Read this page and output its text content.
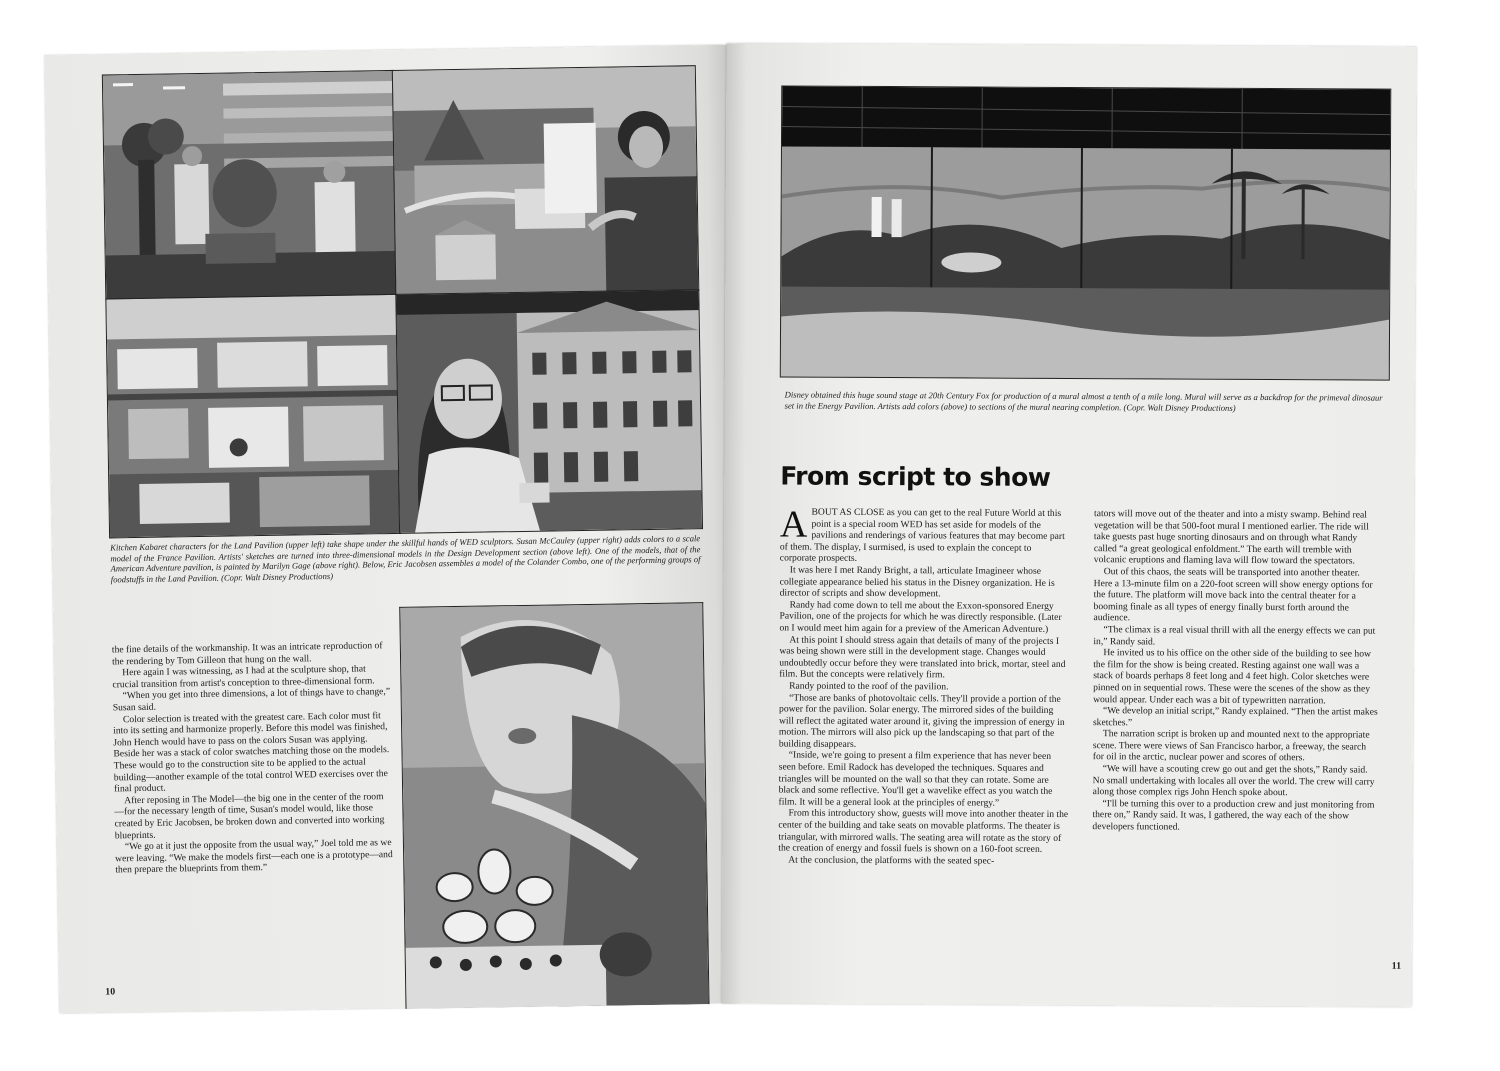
Kitchen Kabaret characters for the Land Pavilion (upper left) take shape under the skillful hands of WED sculptors. Susan McCauley (upper right) adds colors to a scale model of the France Pavilion. Artists' sketches are turned into three-dimensional models in the Design Development section (above left). One of the models, that of the American Adventure pavilion, is painted by Marilyn Gage (above right). Below, Eric Jacobsen assembles a model of the Colander Combo, one of the performing groups of foodstuffs in the Land Pavilion. (Copr. Walt Disney Productions)

the fine details of the workmanship. It was an intricate reproduction of the rendering by Tom Gilleon that hung on the wall.

Here again I was witnessing, as I had at the sculpture shop, that crucial transition from artist's conception to three-dimensional form.

“When you get into three dimensions, a lot of things have to change,” Susan said.

Color selection is treated with the greatest care. Each color must fit into its setting and harmonize properly. Before this model was finished, John Hench would have to pass on the colors Susan was applying. Beside her was a stack of color swatches matching those on the models. These would go to the construction site to be applied to the actual building—another example of the total control WED exercises over the final product.

After reposing in The Model—the big one in the center of the room—for the necessary length of time, Susan's model would, like those created by Eric Jacobsen, be broken down and converted into working blueprints.

“We go at it just the opposite from the usual way,” Joel told me as we were leaving. “We make the models first—each one is a prototype—and then prepare the blueprints from them.”

10
Disney obtained this huge sound stage at 20th Century Fox for production of a mural almost a tenth of a mile long. Mural will serve as a backdrop for the primeval dinosaur set in the Energy Pavilion. Artists add colors (above) to sections of the mural nearing completion. (Copr. Walt Disney Productions)
From script to show

ABOUT AS CLOSE as you can get to the real Future World at this point is a special room WED has set aside for models of the pavilions and renderings of various features that may become part of them. The display, I surmised, is used to explain the concept to corporate prospects.

It was here I met Randy Bright, a tall, articulate Imagineer whose collegiate appearance belied his status in the Disney organization. He is director of scripts and show development.

Randy had come down to tell me about the Exxon-sponsored Energy Pavilion, one of the projects for which he was directly responsible. (Later on I would meet him again for a preview of the American Adventure.)

At this point I should stress again that details of many of the projects I was being shown were still in the development stage. Changes would undoubtedly occur before they were translated into brick, mortar, steel and film. But the concepts were relatively firm.

Randy pointed to the roof of the pavilion.

“Those are banks of photovoltaic cells. They'll provide a portion of the power for the pavilion. Solar energy. The mirrored sides of the building will reflect the agitated water around it, giving the impression of energy in motion. The mirrors will also pick up the landscaping so that part of the building disappears.

“Inside, we're going to present a film experience that has never been seen before. Emil Radock has developed the techniques. Squares and triangles will be mounted on the wall so that they can rotate. Some are black and some reflective. You'll get a wavelike effect as you watch the film. It will be a general look at the principles of energy.”

From this introductory show, guests will move into another theater in the center of the building and take seats on movable platforms. The theater is triangular, with mirrored walls. The seating area will rotate as the story of the creation of energy and fossil fuels is shown on a 160-foot screen.

At the conclusion, the platforms with the seated spec-

tators will move out of the theater and into a misty swamp. Behind real vegetation will be that 500-foot mural I mentioned earlier. The ride will take guests past huge snorting dinosaurs and on through what Randy called “a great geological enfoldment.” The earth will tremble with volcanic eruptions and flaming lava will flow toward the spectators.

Out of this chaos, the seats will be transported into another theater. Here a 13-minute film on a 220-foot screen will show energy options for the future. The platform will move back into the central theater for a booming finale as all types of energy finally burst forth around the audience.

“The climax is a real visual thrill with all the energy effects we can put in,” Randy said.

He invited us to his office on the other side of the building to see how the film for the show is being created. Resting against one wall was a stack of boards perhaps 8 feet long and 4 feet high. Color sketches were pinned on in sequential rows. These were the scenes of the show as they would appear. Under each was a bit of typewritten narration.

“We develop an initial script,” Randy explained. “Then the artist makes sketches.”

The narration script is broken up and mounted next to the appropriate scene. There were views of San Francisco harbor, a freeway, the search for oil in the arctic, nuclear power and scores of others.

“We will have a scouting crew go out and get the shots,” Randy said. No small undertaking with locales all over the world. The crew will carry along those complex rigs John Hench spoke about.

“I'll be turning this over to a production crew and just monitoring from there on,” Randy said. It was, I gathered, the way each of the show developers functioned.

11
